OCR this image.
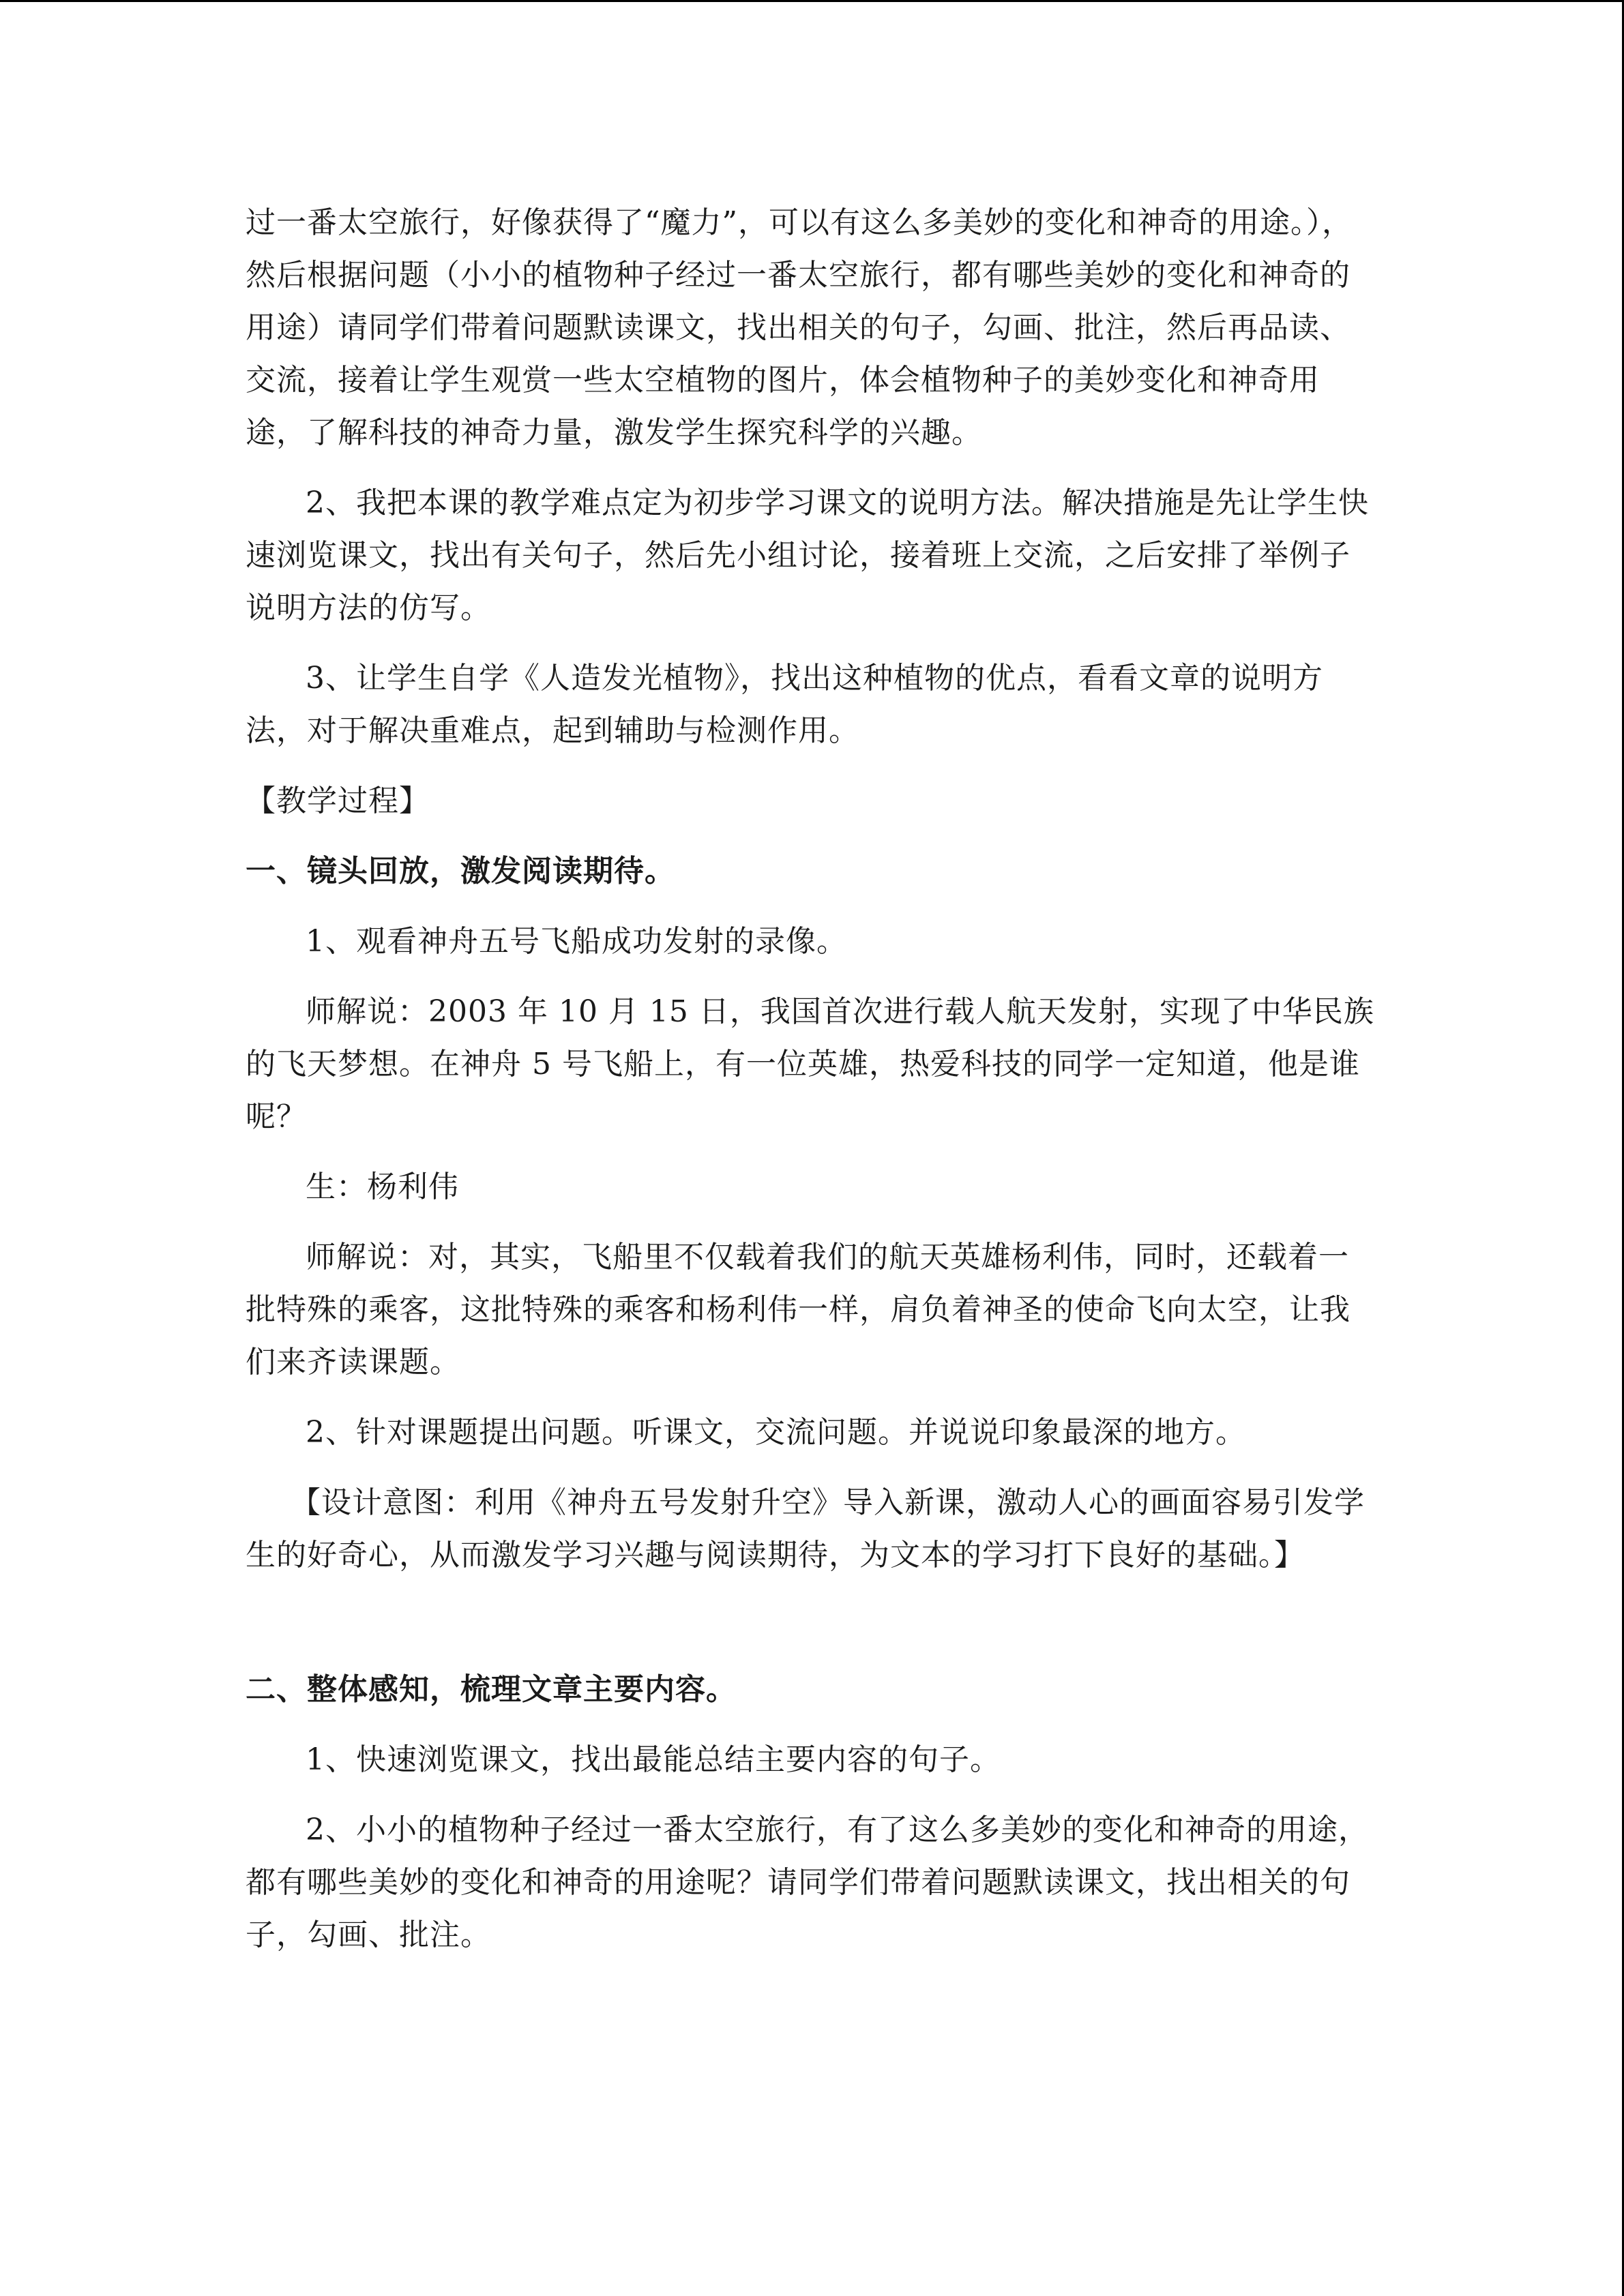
过一番太空旅行，好像获得了“魔力”，可以有这么多美妙的变化和神奇的用途。），然后根据问题（小小的植物种子经过一番太空旅行，都有哪些美妙的变化和神奇的用途）请同学们带着问题默读课文，找出相关的句子，勾画、批注，然后再品读、交流，接着让学生观赏一些太空植物的图片，体会植物种子的美妙变化和神奇用途，了解科技的神奇力量，激发学生探究科学的兴趣。

2、我把本课的教学难点定为初步学习课文的说明方法。解决措施是先让学生快速浏览课文，找出有关句子，然后先小组讨论，接着班上交流，之后安排了举例子说明方法的仿写。

3、让学生自学《人造发光植物》，找出这种植物的优点，看看文章的说明方法，对于解决重难点，起到辅助与检测作用。

【教学过程】

一、镜头回放，激发阅读期待。

1、观看神舟五号飞船成功发射的录像。

师解说：2003 年 10 月 15 日，我国首次进行载人航天发射，实现了中华民族的飞天梦想。在神舟 5 号飞船上，有一位英雄，热爱科技的同学一定知道，他是谁呢？

生：杨利伟

师解说：对，其实，飞船里不仅载着我们的航天英雄杨利伟，同时，还载着一批特殊的乘客，这批特殊的乘客和杨利伟一样，肩负着神圣的使命飞向太空，让我们来齐读课题。

2、针对课题提出问题。听课文，交流问题。并说说印象最深的地方。

【设计意图：利用《神舟五号发射升空》导入新课，激动人心的画面容易引发学生的好奇心，从而激发学习兴趣与阅读期待，为文本的学习打下良好的基础。】

二、整体感知，梳理文章主要内容。

1、快速浏览课文，找出最能总结主要内容的句子。

2、小小的植物种子经过一番太空旅行，有了这么多美妙的变化和神奇的用途，都有哪些美妙的变化和神奇的用途呢？请同学们带着问题默读课文，找出相关的句子，勾画、批注。
